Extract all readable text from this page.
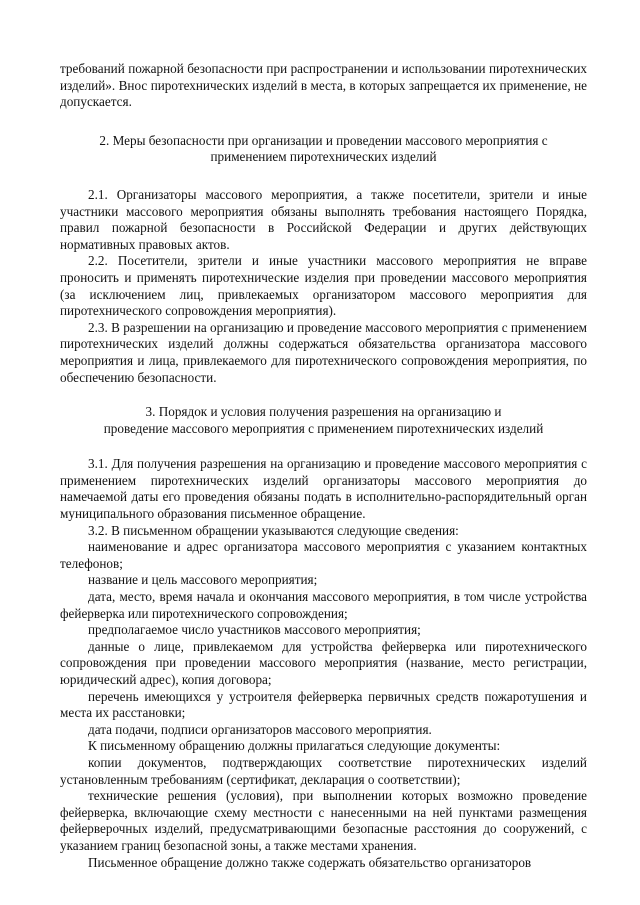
требований пожарной безопасности при распространении и использовании пиротехнических изделий». Внос пиротехнических изделий в места, в которых запрещается их применение, не допускается.

2. Меры безопасности при организации и проведении массового мероприятия с применением пиротехнических изделий

2.1. Организаторы массового мероприятия, а также посетители, зрители и иные участники массового мероприятия обязаны выполнять требования настоящего Порядка, правил пожарной безопасности в Российской Федерации и других действующих нормативных правовых актов.

2.2. Посетители, зрители и иные участники массового мероприятия не вправе проносить и применять пиротехнические изделия при проведении массового мероприятия (за исключением лиц, привлекаемых организатором массового мероприятия для пиротехнического сопровождения мероприятия).

2.3. В разрешении на организацию и проведение массового мероприятия с применением пиротехнических изделий должны содержаться обязательства организатора массового мероприятия и лица, привлекаемого для пиротехнического сопровождения мероприятия, по обеспечению безопасности.

3. Порядок и условия получения разрешения на организацию и

проведение массового мероприятия с применением пиротехнических изделий

3.1. Для получения разрешения на организацию и проведение массового мероприятия с применением пиротехнических изделий организаторы массового мероприятия до намечаемой даты его проведения обязаны подать в исполнительно-распорядительный орган муниципального образования письменное обращение.

3.2. В письменном обращении указываются следующие сведения:

наименование и адрес организатора массового мероприятия с указанием контактных телефонов;

название и цель массового мероприятия;

дата, место, время начала и окончания массового мероприятия, в том числе устройства фейерверка или пиротехнического сопровождения;

предполагаемое число участников массового мероприятия;

данные о лице, привлекаемом для устройства фейерверка или пиротехнического сопровождения при проведении массового мероприятия (название, место регистрации, юридический адрес), копия договора;

перечень имеющихся у устроителя фейерверка первичных средств пожаротушения и места их расстановки;

дата подачи, подписи организаторов массового мероприятия.

К письменному обращению должны прилагаться следующие документы:

копии документов, подтверждающих соответствие пиротехнических изделий установленным требованиям (сертификат, декларация о соответствии);

технические решения (условия), при выполнении которых возможно проведение фейерверка, включающие схему местности с нанесенными на ней пунктами размещения фейерверочных изделий, предусматривающими безопасные расстояния до сооружений, с указанием границ безопасной зоны, а также местами хранения.

Письменное обращение должно также содержать обязательство организаторов
